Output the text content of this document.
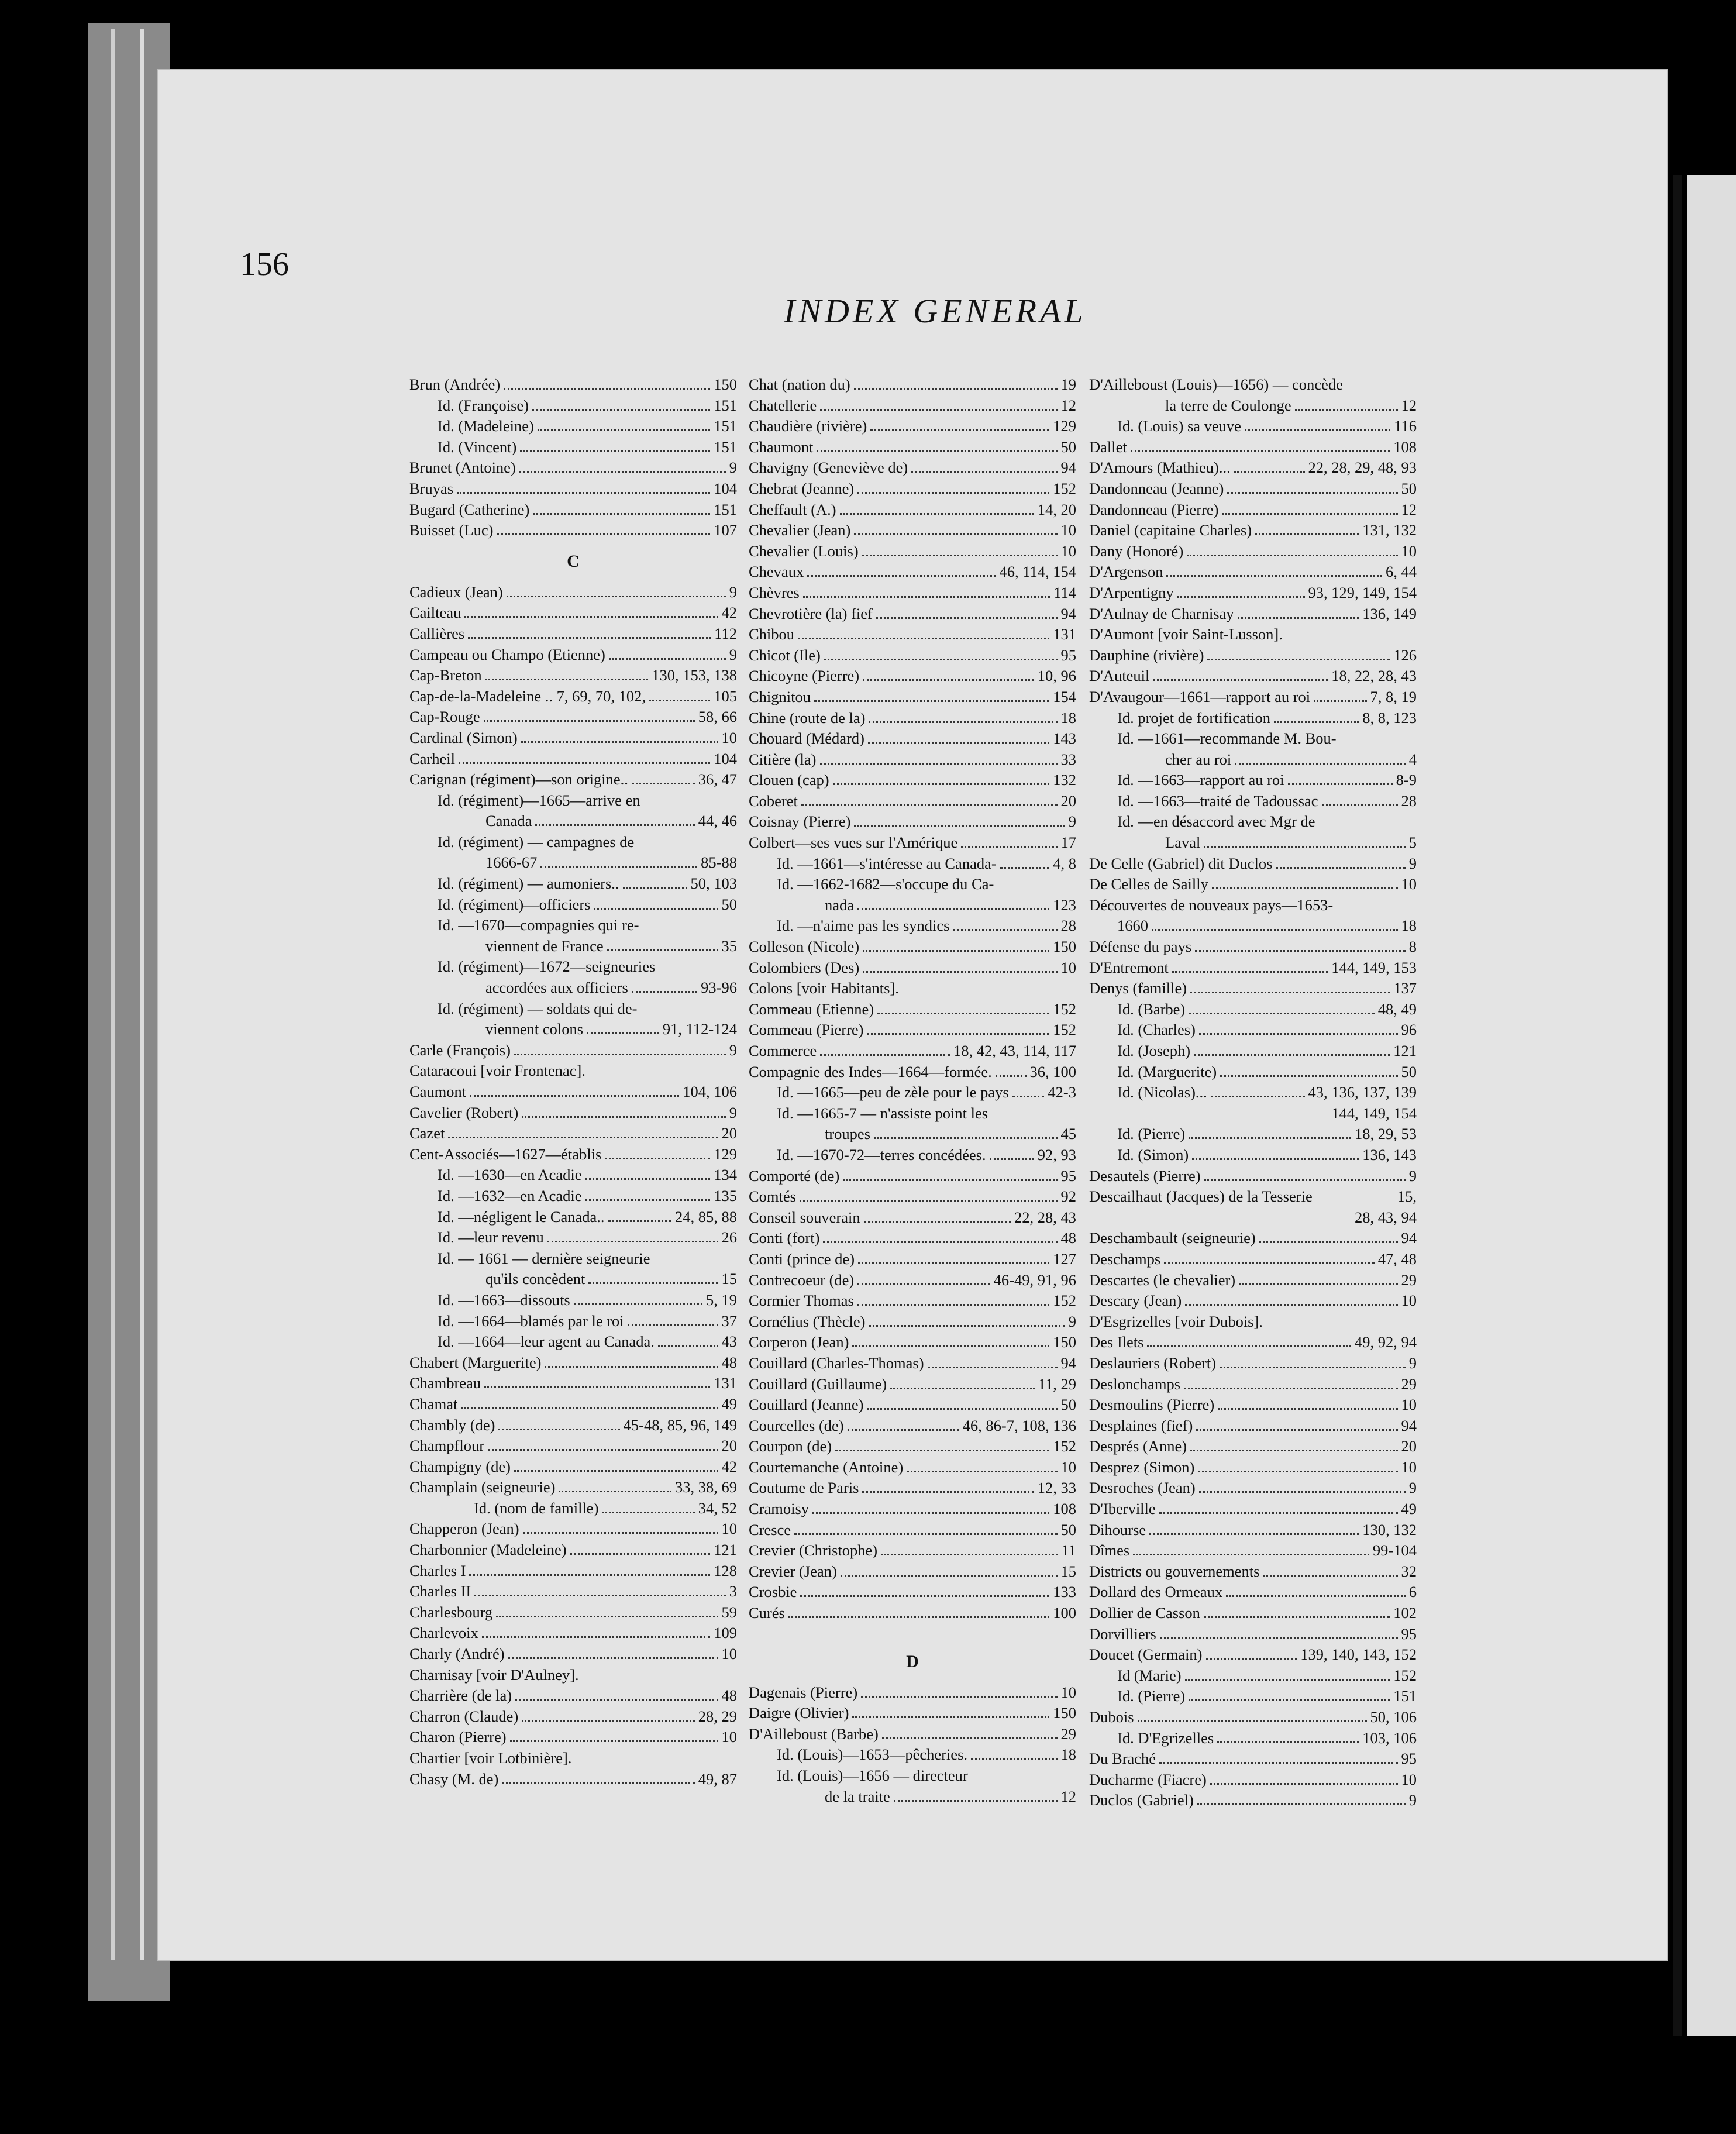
156
INDEX GENERAL
Brun (Andrée)	150
Id. (Françoise)	151
Id. (Madeleine)	151
Id. (Vincent)	151
Brunet (Antoine)	9
Bruyas	104
Bugard (Catherine)	151
Buisset (Luc)	107
C
Cadieux (Jean)	9
Cailteau	42
Callières	112
Campeau ou Champo (Etienne)	9
Cap-Breton	130, 153, 138
Cap-de-la-Madeleine .. 7, 69, 70, 102,	105
Cap-Rouge	58, 66
Cardinal (Simon)	10
Carheil	104
Carignan (régiment)—son origine..	36, 47
Id. (régiment)—1665—arrive en
Canada	44, 46
Id. (régiment) — campagnes de
1666-67	85-88
Id. (régiment) — aumoniers..	50, 103
Id. (régiment)—officiers	50
Id. —1670—compagnies qui re-
viennent de France	35
Id. (régiment)—1672—seigneuries
accordées aux officiers	93-96
Id. (régiment) — soldats qui de-
viennent colons	91, 112-124
Carle (François)	9
Cataracoui [voir Frontenac].
Caumont	104, 106
Cavelier (Robert)	9
Cazet	20
Cent-Associés—1627—établis	129
Id. —1630—en Acadie	134
Id. —1632—en Acadie	135
Id. —négligent le Canada..	24, 85, 88
Id. —leur revenu	26
Id. — 1661 — dernière seigneurie
qu'ils concèdent	15
Id. —1663—dissouts	5, 19
Id. —1664—blamés par le roi	37
Id. —1664—leur agent au Canada.	43
Chabert (Marguerite)	48
Chambreau	131
Chamat	49
Chambly (de)	45-48, 85, 96, 149
Champflour	20
Champigny (de)	42
Champlain (seigneurie)	33, 38, 69
Id. (nom de famille)	34, 52
Chapperon (Jean)	10
Charbonnier (Madeleine)	121
Charles I	128
Charles II	3
Charlesbourg	59
Charlevoix	109
Charly (André)	10
Charnisay [voir D'Aulney].
Charrière (de la)	48
Charron (Claude)	28, 29
Charon (Pierre)	10
Chartier [voir Lotbinière].
Chasy (M. de)	49, 87
Chat (nation du)	19
Chatellerie	12
Chaudière (rivière)	129
Chaumont	50
Chavigny (Geneviève de)	94
Chebrat (Jeanne)	152
Cheffault (A.)	14, 20
Chevalier (Jean)	10
Chevalier (Louis)	10
Chevaux	46, 114, 154
Chèvres	114
Chevrotière (la) fief	94
Chibou	131
Chicot (Ile)	95
Chicoyne (Pierre)	10, 96
Chignitou	154
Chine (route de la)	18
Chouard (Médard)	143
Citière (la)	33
Clouen (cap)	132
Coberet	20
Coisnay (Pierre)	9
Colbert—ses vues sur l'Amérique	17
Id. —1661—s'intéresse au Canada-	4, 8
Id. —1662-1682—s'occupe du Ca-
nada	123
Id. —n'aime pas les syndics	28
Colleson (Nicole)	150
Colombiers (Des)	10
Colons [voir Habitants].
Commeau (Etienne)	152
Commeau (Pierre)	152
Commerce	18, 42, 43, 114, 117
Compagnie des Indes—1664—formée. 36, 100
Id. —1665—peu de zèle pour le pays	42-3
Id. —1665-7 — n'assiste point les
troupes	45
Id. —1670-72—terres concédées.	92, 93
Comporté (de)	95
Comtés	92
Conseil souverain	22, 28, 43
Conti (fort)	48
Conti (prince de)	127
Contrecoeur (de)	46-49, 91, 96
Cormier Thomas	152
Cornélius (Thècle)	9
Corperon (Jean)	150
Couillard (Charles-Thomas)	94
Couillard (Guillaume)	11, 29
Couillard (Jeanne)	50
Courcelles (de)	46, 86-7, 108, 136
Courpon (de)	152
Courtemanche (Antoine)	10
Coutume de Paris	12, 33
Cramoisy	108
Cresce	50
Crevier (Christophe)	11
Crevier (Jean)	15
Crosbie	133
Curés	100
D
Dagenais (Pierre)	10
Daigre (Olivier)	150
D'Ailleboust (Barbe)	29
Id. (Louis)—1653—pêcheries.	18
Id. (Louis)—1656 — directeur
de la traite	12
D'Ailleboust (Louis)—1656) — concède
la terre de Coulonge	12
Id. (Louis) sa veuve	116
Dallet	108
D'Amours (Mathieu)...	22, 28, 29, 48, 93
Dandonneau (Jeanne)	50
Dandonneau (Pierre)	12
Daniel (capitaine Charles)	131, 132
Dany (Honoré)	10
D'Argenson	6, 44
D'Arpentigny	93, 129, 149, 154
D'Aulnay de Charnisay	136, 149
D'Aumont [voir Saint-Lusson].
Dauphine (rivière)	126
D'Auteuil	18, 22, 28, 43
D'Avaugour—1661—rapport au roi	7, 8, 19
Id. projet de fortification	8, 8, 123
Id. —1661—recommande M. Bou-
cher au roi	4
Id. —1663—rapport au roi	8-9
Id. —1663—traité de Tadoussac	28
Id. —en désaccord avec Mgr de
Laval	5
De Celle (Gabriel) dit Duclos	9
De Celles de Sailly	10
Découvertes de nouveaux pays—1653-
1660	18
Défense du pays	8
D'Entremont	144, 149, 153
Denys (famille)	137
Id. (Barbe)	48, 49
Id. (Charles)	96
Id. (Joseph)	121
Id. (Marguerite)	50
Id. (Nicolas)...	43, 136, 137, 139
144, 149, 154
Id. (Pierre)	18, 29, 53
Id. (Simon)	136, 143
Desautels (Pierre)	9
Descailhaut (Jacques) de la Tesserie	15,
28, 43, 94
Deschambault (seigneurie)	94
Deschamps	47, 48
Descartes (le chevalier)	29
Descary (Jean)	10
D'Esgrizelles [voir Dubois].
Des Ilets	49, 92, 94
Deslauriers (Robert)	9
Deslonchamps	29
Desmoulins (Pierre)	10
Desplaines (fief)	94
Després (Anne)	20
Desprez (Simon)	10
Desroches (Jean)	9
D'Iberville	49
Dihourse	130, 132
Dîmes	99-104
Districts ou gouvernements	32
Dollard des Ormeaux	6
Dollier de Casson	102
Dorvilliers	95
Doucet (Germain)	139, 140, 143, 152
Id (Marie)	152
Id. (Pierre)	151
Dubois	50, 106
Id. D'Egrizelles	103, 106
Du Braché	95
Ducharme (Fiacre)	10
Duclos (Gabriel)	9
